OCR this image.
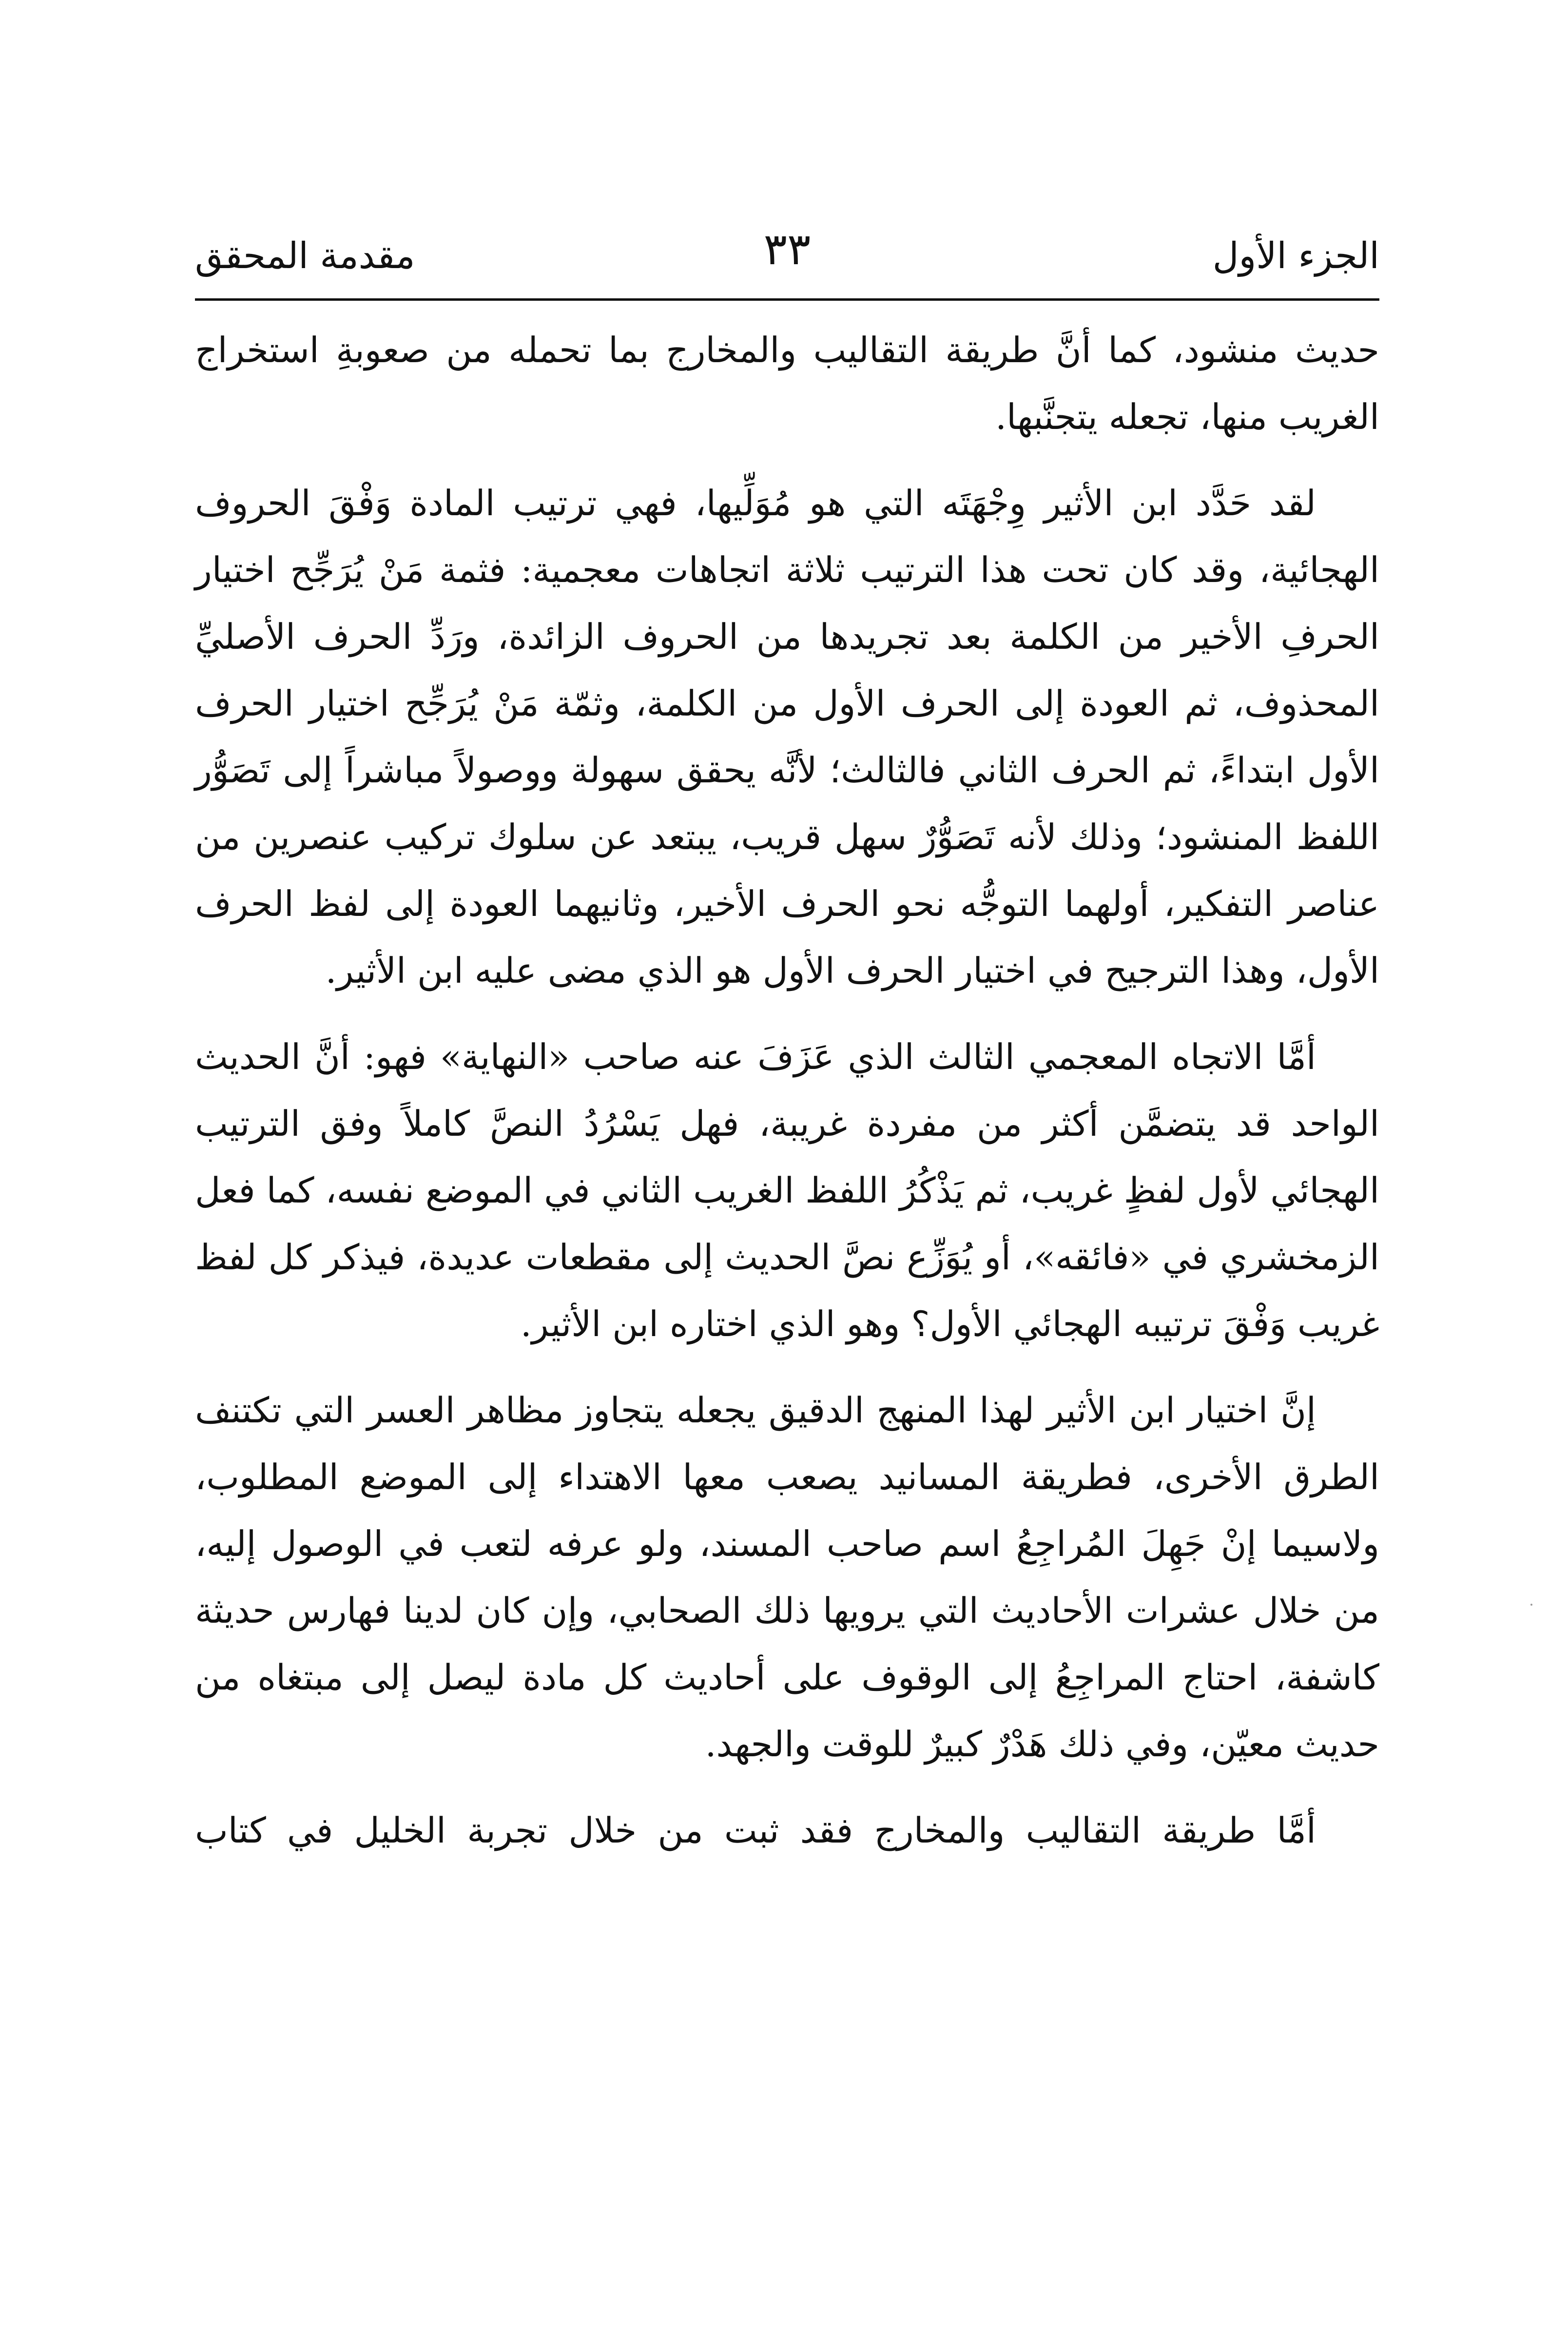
الجزء الأول
٣٣
مقدمة المحقق

حديث منشود، كما أنَّ طريقة التقاليب والمخارج بما تحمله من صعوبةِ استخراج الغريب منها، تجعله يتجنَّبها.

لقد حَدَّد ابن الأثير وِجْهَتَه التي هو مُوَلِّيها، فهي ترتيب المادة وَفْقَ الحروف الهجائية، وقد كان تحت هذا الترتيب ثلاثة اتجاهات معجمية: فثمة مَنْ يُرَجِّح اختيار الحرفِ الأخير من الكلمة بعد تجريدها من الحروف الزائدة، ورَدِّ الحرف الأصليِّ المحذوف، ثم العودة إلى الحرف الأول من الكلمة، وثمّة مَنْ يُرَجِّح اختيار الحرف الأول ابتداءً، ثم الحرف الثاني فالثالث؛ لأنَّه يحقق سهولة ووصولاً مباشراً إلى تَصَوُّر اللفظ المنشود؛ وذلك لأنه تَصَوُّرٌ سهل قريب، يبتعد عن سلوك تركيب عنصرين من عناصر التفكير، أولهما التوجُّه نحو الحرف الأخير، وثانيهما العودة إلى لفظ الحرف الأول، وهذا الترجيح في اختيار الحرف الأول هو الذي مضى عليه ابن الأثير.

أمَّا الاتجاه المعجمي الثالث الذي عَزَفَ عنه صاحب «النهاية» فهو: أنَّ الحديث الواحد قد يتضمَّن أكثر من مفردة غريبة، فهل يَسْرُدُ النصَّ كاملاً وفق الترتيب الهجائي لأول لفظٍ غريب، ثم يَذْكُرُ اللفظ الغريب الثاني في الموضع نفسه، كما فعل الزمخشري في «فائقه»، أو يُوَزِّع نصَّ الحديث إلى مقطعات عديدة، فيذكر كل لفظ غريب وَفْقَ ترتيبه الهجائي الأول؟ وهو الذي اختاره ابن الأثير.

إنَّ اختيار ابن الأثير لهذا المنهج الدقيق يجعله يتجاوز مظاهر العسر التي تكتنف الطرق الأخرى، فطريقة المسانيد يصعب معها الاهتداء إلى الموضع المطلوب، ولاسيما إنْ جَهِلَ المُراجِعُ اسم صاحب المسند، ولو عرفه لتعب في الوصول إليه، من خلال عشرات الأحاديث التي يرويها ذلك الصحابي، وإن كان لدينا فهارس حديثة كاشفة، احتاج المراجِعُ إلى الوقوف على أحاديث كل مادة ليصل إلى مبتغاه من حديث معيّن، وفي ذلك هَدْرٌ كبيرٌ للوقت والجهد.

أمَّا طريقة التقاليب والمخارج فقد ثبت من خلال تجربة الخليل في كتاب
